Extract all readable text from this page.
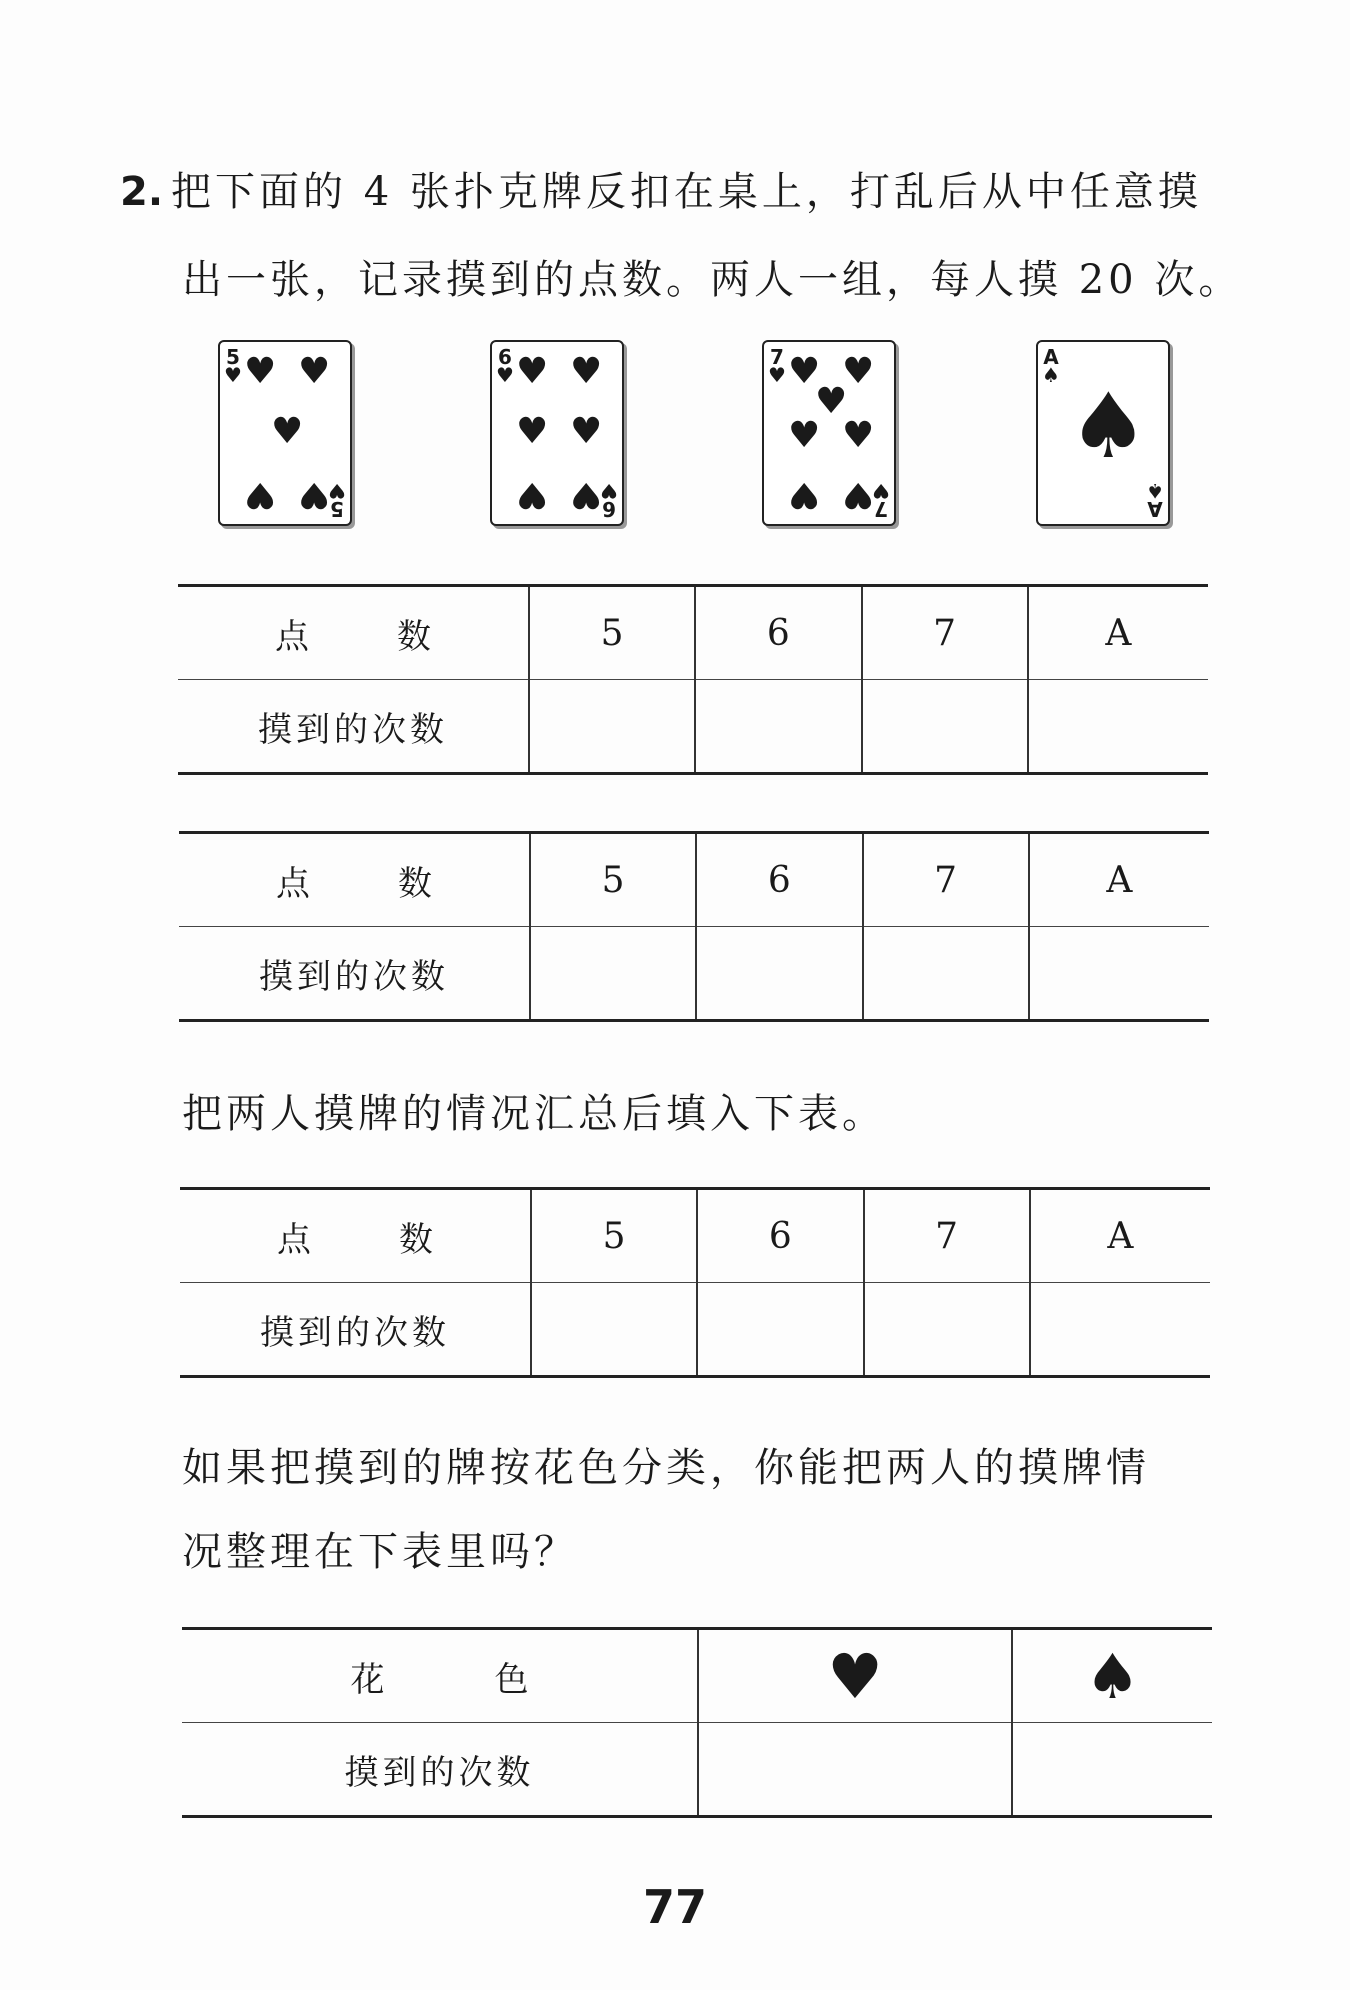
2. 把下面的 4 张扑克牌反扣在桌上，打乱后从中任意摸
出一张，记录摸到的点数。两人一组，每人摸 20 次。
5
♥ ♥ ♥
♥
♥ ♥ 5
♥
6
♥ ♥ ♥
♥ ♥
♥ ♥ 6
♥
7
♥ ♥ ♥
♥
♥ ♥
♥ ♥ 7
♥
A
♠ ♠
A
♠
点数	5	6	7	A
摸到的次数				
点数	5	6	7	A
摸到的次数				
把两人摸牌的情况汇总后填入下表。
点数	5	6	7	A
摸到的次数				
如果把摸到的牌按花色分类，你能把两人的摸牌情
况整理在下表里吗？
花色	♥	♠
摸到的次数		
77
